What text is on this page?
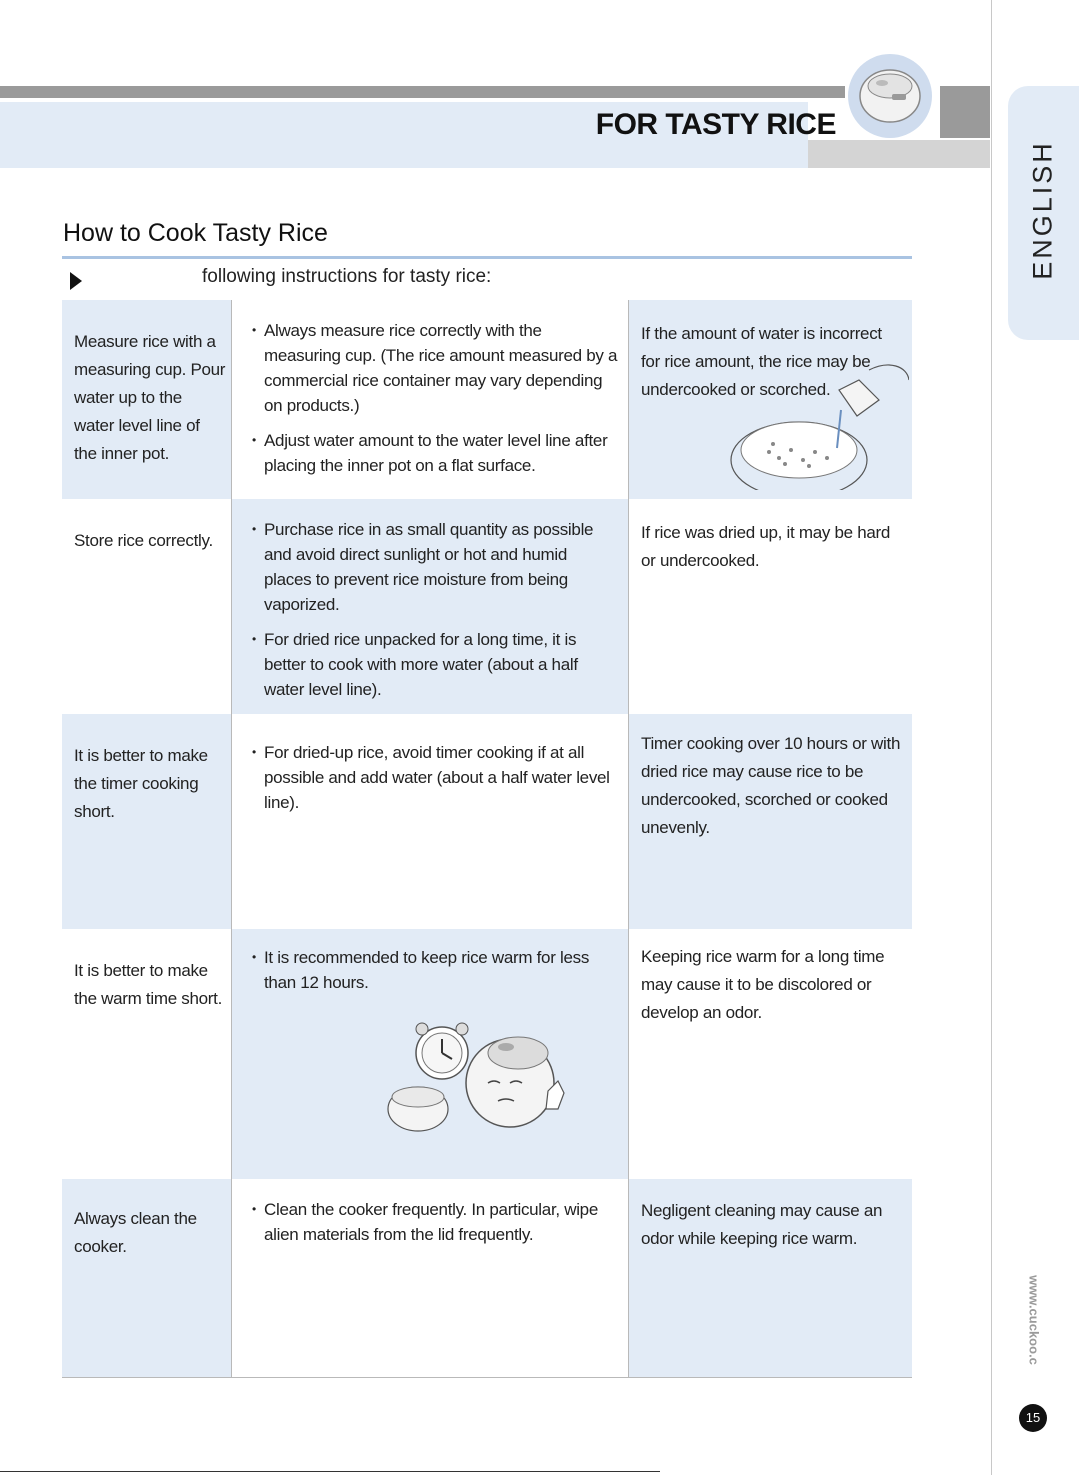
FOR TASTY RICE
ENGLISH
www.cuckoo.c
15
How to Cook Tasty Rice
following instructions for tasty rice:
Measure rice with a measuring cup. Pour water up to the water level line of the inner pot.
• Always measure rice correctly with the measuring cup. (The rice amount measured by a commercial rice container may vary depending on products.)
• Adjust water amount to the water level line after placing the inner pot on a flat surface.
If the amount of water is incorrect for rice amount, the rice may be undercooked or scorched.
Store rice correctly.
• Purchase rice in as small quantity as possible and avoid direct sunlight or hot and humid places to prevent rice moisture from being vaporized.
• For dried rice unpacked for a long time, it is better to cook with more water (about a half water level line).
If rice was dried up, it may be hard or undercooked.
It is better to make the timer cooking short.
• For dried-up rice, avoid timer cooking if at all possible and add water (about a half water level line).
Timer cooking over 10 hours or with dried rice may cause rice to be undercooked, scorched or cooked unevenly.
It is better to make the warm time short.
• It is recommended to keep rice warm for less than 12 hours.
Keeping rice warm for a long time may cause it to be discolored or develop an odor.
Always clean the cooker.
• Clean the cooker frequently. In particular, wipe alien materials from the lid frequently.
Negligent cleaning may cause an odor while keeping rice warm.
